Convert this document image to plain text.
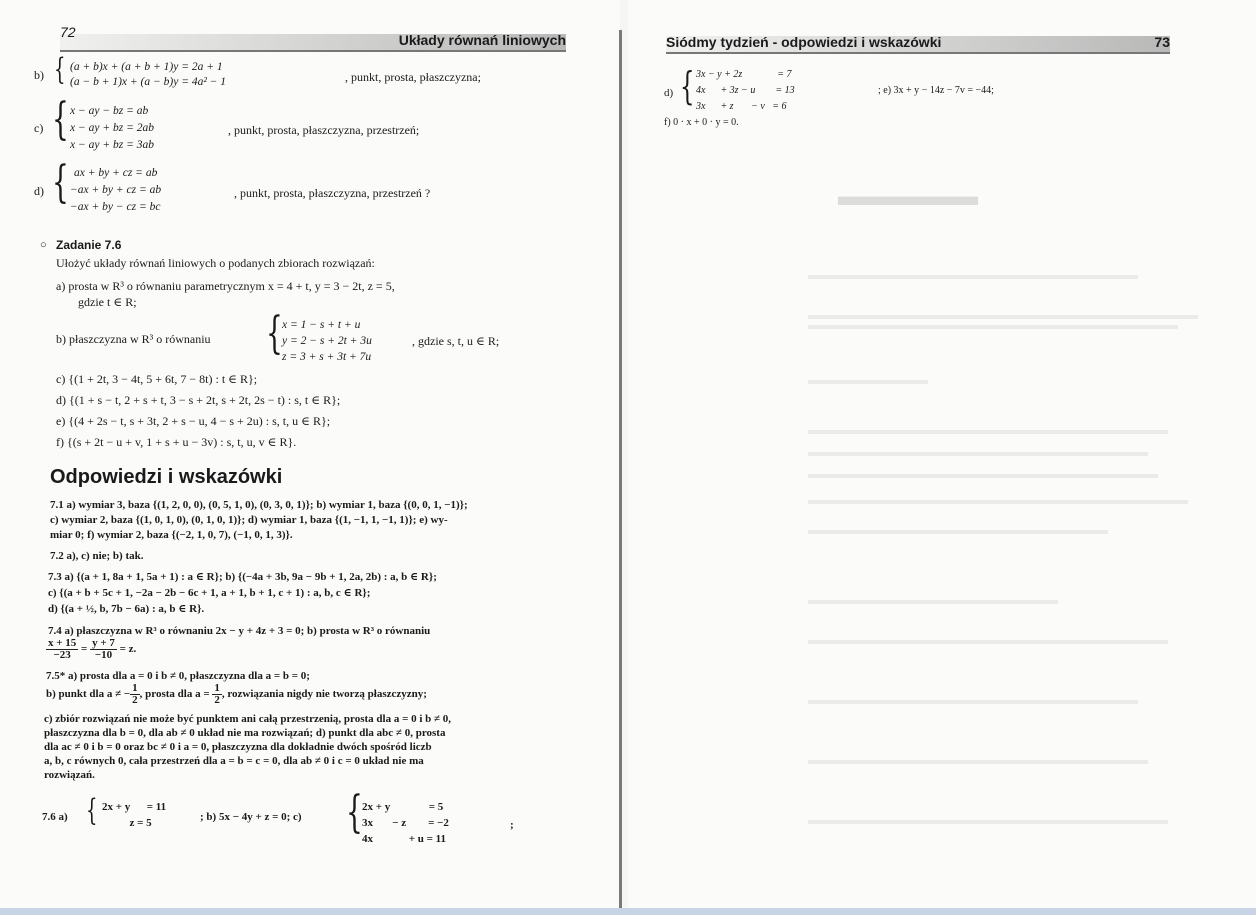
72	Układy równań liniowych
b) { (a + b)x + (a + b + 1)y = 2a + 1
(a − b + 1)x + (a − b)y = 4a² − 1	, punkt, prosta, płaszczyzna;
c) { x − ay − bz = ab
x − ay + bz = 2ab
x − ay + bz = 3ab
, punkt, prosta, płaszczyzna, przestrzeń;
d) { ax + by + cz = ab
−ax + by + cz = ab
−ax + by − cz = bc
, punkt, prosta, płaszczyzna, przestrzeń ?
○ Zadanie 7.6
Ułożyć układy równań liniowych o podanych zbiorach rozwiązań:
a) prosta w R³ o równaniu parametrycznym x = 4 + t, y = 3 − 2t, z = 5,
gdzie t ∈ R;
b) płaszczyzna w R³ o równaniu { x = 1 − s + t + u
y = 2 − s + 2t + 3u
z = 3 + s + 3t + 7u
, gdzie s, t, u ∈ R;
c) {(1 + 2t, 3 − 4t, 5 + 6t, 7 − 8t) : t ∈ R};
d) {(1 + s − t, 2 + s + t, 3 − s + 2t, s + 2t, 2s − t) : s, t ∈ R};
e) {(4 + 2s − t, s + 3t, 2 + s − u, 4 − s + 2u) : s, t, u ∈ R};
f) {(s + 2t − u + v, 1 + s + u − 3v) : s, t, u, v ∈ R}.
Odpowiedzi i wskazówki
7.1 a) wymiar 3, baza {(1, 2, 0, 0), (0, 5, 1, 0), (0, 3, 0, 1)}; b) wymiar 1, baza {(0, 0, 1, −1)};
c) wymiar 2, baza {(1, 0, 1, 0), (0, 1, 0, 1)}; d) wymiar 1, baza {(1, −1, 1, −1, 1)}; e) wy-
miar 0; f) wymiar 2, baza {(−2, 1, 0, 7), (−1, 0, 1, 3)}.
7.2 a), c) nie; b) tak.
7.3 a) {(a + 1, 8a + 1, 5a + 1) : a ∈ R}; b) {(−4a + 3b, 9a − 9b + 1, 2a, 2b) : a, b ∈ R};
c) {(a + b + 5c + 1, −2a − 2b − 6c + 1, a + 1, b + 1, c + 1) : a, b, c ∈ R};
d) {(a + ½, b, 7b − 6a) : a, b ∈ R}.
7.4 a) płaszczyzna w R³ o równaniu 2x − y + 4z + 3 = 0; b) prosta w R³ o równaniu
$\frac{x + 15}{-23} = \frac{y + 7}{-10} = z$.
7.5* a) prosta dla a = 0 i b ≠ 0, płaszczyzna dla a = b = 0;
b) punkt dla a ≠ − $\frac{1}{2}$ , prosta dla $a = \frac{1}{2}$ , rozwiązania nigdy nie tworzą płaszczyzny;
c) zbiór rozwiązań nie może być punktem ani całą przestrzenią, prosta dla a = 0 i b ≠ 0,
płaszczyzna dla b = 0, dla ab ≠ 0 układ nie ma rozwiązań; d) punkt dla abc ≠ 0, prosta
dla ac ≠ 0 i b = 0 oraz bc ≠ 0 i a = 0, płaszczyzna dla dokładnie dwóch spośród liczb
a, b, c równych 0, cała przestrzeń dla a = b = c = 0, dla ab ≠ 0 i c = 0 układ nie ma
rozwiązań.
7.6 a) { 2x + y      = 11
z = 5	; b) 5x − 4y + z = 0; c) { 2x + y              = 5
3x       − z        = −2
4x             + u = 11
;
Siódmy tydzień - odpowiedzi i wskazówki	73
d) { 3x − y + 2z              = 7
4x      + 3z − u        = 13
3x      + z       − v   = 6
; e) 3x + y − 14z − 7v = −44;
f) 0 · x + 0 · y = 0.
▬▬▬▬▬
